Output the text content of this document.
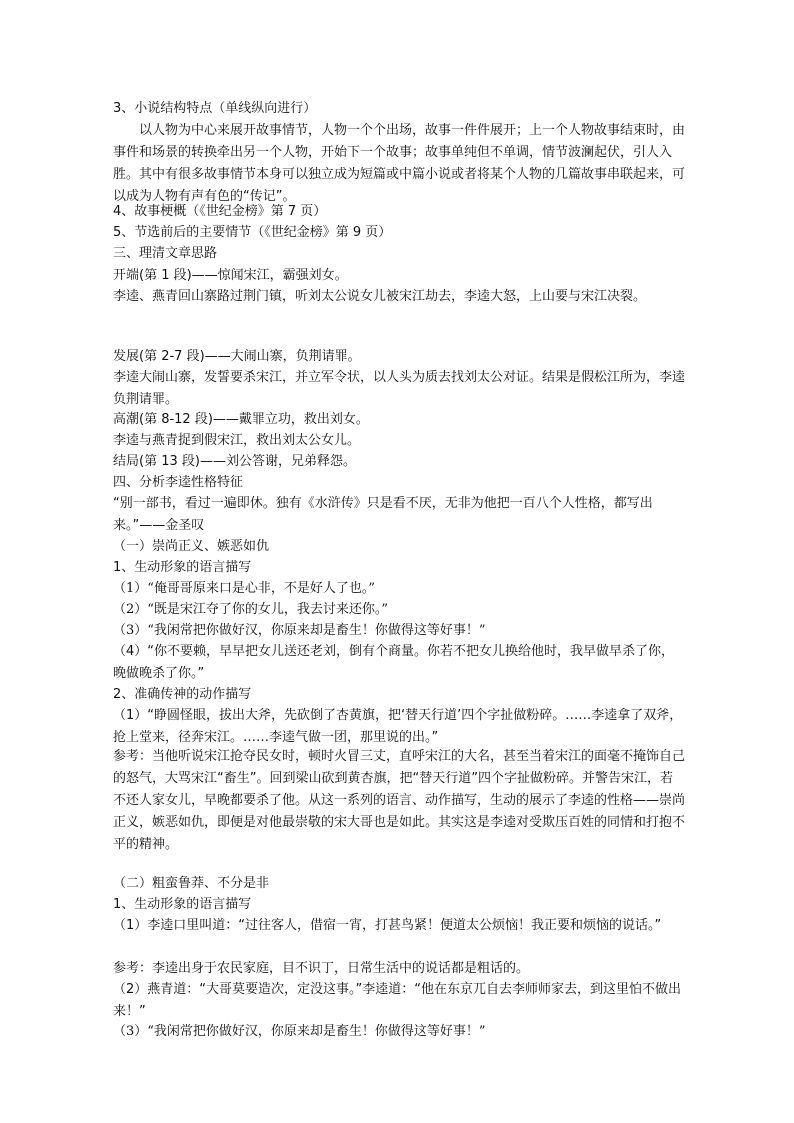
3、小说结构特点（单线纵向进行）

以人物为中心来展开故事情节，人物一个个出场，故事一件件展开；上一个人物故事结束时，由事件和场景的转换牵出另一个人物，开始下一个故事；故事单纯但不单调，情节波澜起伏，引人入胜。其中有很多故事情节本身可以独立成为短篇或中篇小说或者将某个人物的几篇故事串联起来，可以成为人物有声有色的“传记”。

4、故事梗概（《世纪金榜》第 7 页）

5、节选前后的主要情节（《世纪金榜》第 9 页）

三、理清文章思路

开端(第 1 段)——惊闻宋江，霸强刘女。

李逵、燕青回山寨路过荆门镇，听刘太公说女儿被宋江劫去，李逵大怒，上山要与宋江决裂。

发展(第 2-7 段)——大闹山寨，负荆请罪。

李逵大闹山寨，发誓要杀宋江，并立军令状，以人头为质去找刘太公对证。结果是假松江所为，李逵负荆请罪。

高潮(第 8-12 段)——戴罪立功，救出刘女。

李逵与燕青捉到假宋江，救出刘太公女儿。

结局(第 13 段)——刘公答谢，兄弟释怨。

四、分析李逵性格特征

“别一部书，看过一遍即休。独有《水浒传》只是看不厌，无非为他把一百八个人性格，都写出来。”——金圣叹

（一）崇尚正义、嫉恶如仇

1、生动形象的语言描写

（1）“俺哥哥原来口是心非，不是好人了也。”

（2）“既是宋江夺了你的女儿，我去讨来还你。”

（3）“我闲常把你做好汉，你原来却是畜生！你做得这等好事！”

（4）“你不要赖，早早把女儿送还老刘，倒有个商量。你若不把女儿换给他时，我早做早杀了你，晚做晚杀了你。”

2、准确传神的动作描写

（1）“睁圆怪眼，拔出大斧，先砍倒了杏黄旗，把‘替天行道’四个字扯做粉碎。……李逵拿了双斧，抢上堂来，径奔宋江。……李逵气做一团，那里说的出。”

参考：当他听说宋江抢夺民女时，顿时火冒三丈，直呼宋江的大名，甚至当着宋江的面毫不掩饰自己的怒气，大骂宋江“畜生”。回到梁山砍到黄杏旗，把“替天行道”四个字扯做粉碎。并警告宋江，若不还人家女儿，早晚都要杀了他。从这一系列的语言、动作描写，生动的展示了李逵的性格——崇尚正义，嫉恶如仇，即便是对他最崇敬的宋大哥也是如此。其实这是李逵对受欺压百姓的同情和打抱不平的精神。

（二）粗蛮鲁莽、不分是非

1、生动形象的语言描写

（1）李逵口里叫道：“过往客人，借宿一宵，打甚鸟紧！便道太公烦恼！我正要和烦恼的说话。”

参考：李逵出身于农民家庭，目不识丁，日常生活中的说话都是粗话的。

（2）燕青道：“大哥莫要造次，定没这事。”李逵道：“他在东京兀自去李师师家去，到这里怕不做出来！”

（3）“我闲常把你做好汉，你原来却是畜生！你做得这等好事！”
